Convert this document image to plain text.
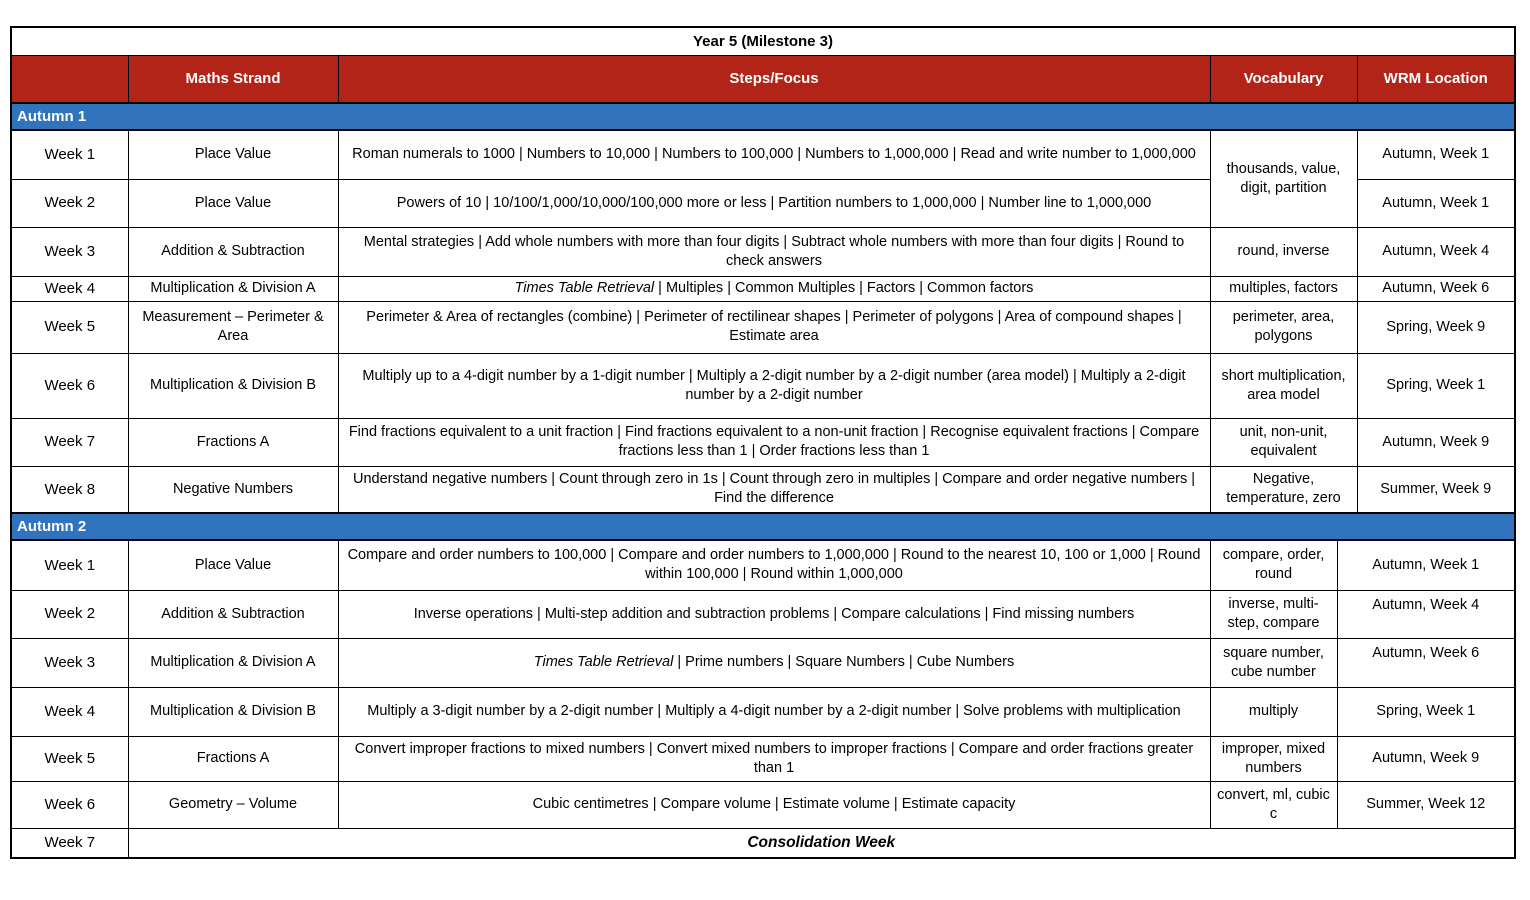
Year 5 (Milestone 3)					
	Maths Strand	Steps/Focus	Vocabulary		WRM Location
Autumn 1					
Week 1	Place Value	Roman numerals to 1000 | Numbers to 10,000 | Numbers to 100,000 | Numbers to 1,000,000 | Read and write number to 1,000,000	thousands, value, digit, partition		Autumn, Week 1
Week 2	Place Value	Powers of 10 | 10/100/1,000/10,000/100,000 more or less | Partition numbers to 1,000,000 | Number line to 1,000,000			Autumn, Week 1
Week 3	Addition & Subtraction	Mental strategies | Add whole numbers with more than four digits | Subtract whole numbers with more than four digits | Round to check answers	round, inverse		Autumn, Week 4
Week 4	Multiplication & Division A	Times Table Retrieval | Multiples | Common Multiples | Factors | Common factors	multiples, factors		Autumn, Week 6
Week 5	Measurement – Perimeter & Area	Perimeter & Area of rectangles (combine) | Perimeter of rectilinear shapes | Perimeter of polygons | Area of compound shapes | Estimate area	perimeter, area, polygons		Spring, Week 9
Week 6	Multiplication & Division B	Multiply up to a 4-digit number by a 1-digit number | Multiply a 2-digit number by a 2-digit number (area model) | Multiply a 2-digit number by a 2-digit number	short multiplication, area model		Spring, Week 1
Week 7	Fractions A	Find fractions equivalent to a unit fraction | Find fractions equivalent to a non-unit fraction | Recognise equivalent fractions | Compare fractions less than 1 | Order fractions less than 1	unit, non-unit, equivalent		Autumn, Week 9
Week 8	Negative Numbers	Understand negative numbers | Count through zero in 1s | Count through zero in multiples | Compare and order negative numbers | Find the difference	Negative, temperature, zero		Summer, Week 9
Autumn 2					
Week 1	Place Value	Compare and order numbers to 100,000 | Compare and order numbers to 1,000,000 | Round to the nearest 10, 100 or 1,000 | Round within 100,000 | Round within 1,000,000	compare, order, round	Autumn, Week 1	
Week 2	Addition & Subtraction	Inverse operations | Multi-step addition and subtraction problems | Compare calculations | Find missing numbers	inverse, multi-step, compare	Autumn, Week 4	
Week 3	Multiplication & Division A	Times Table Retrieval | Prime numbers | Square Numbers | Cube Numbers	square number, cube number	Autumn, Week 6	
Week 4	Multiplication & Division B	Multiply a 3-digit number by a 2-digit number | Multiply a 4-digit number by a 2-digit number | Solve problems with multiplication	multiply	Spring, Week 1	
Week 5	Fractions A	Convert improper fractions to mixed numbers | Convert mixed numbers to improper fractions | Compare and order fractions greater than 1	improper, mixed numbers	Autumn, Week 9	
Week 6	Geometry – Volume	Cubic centimetres | Compare volume | Estimate volume | Estimate capacity	convert, ml, cubic c	Summer, Week 12	
Week 7	Consolidation Week				
